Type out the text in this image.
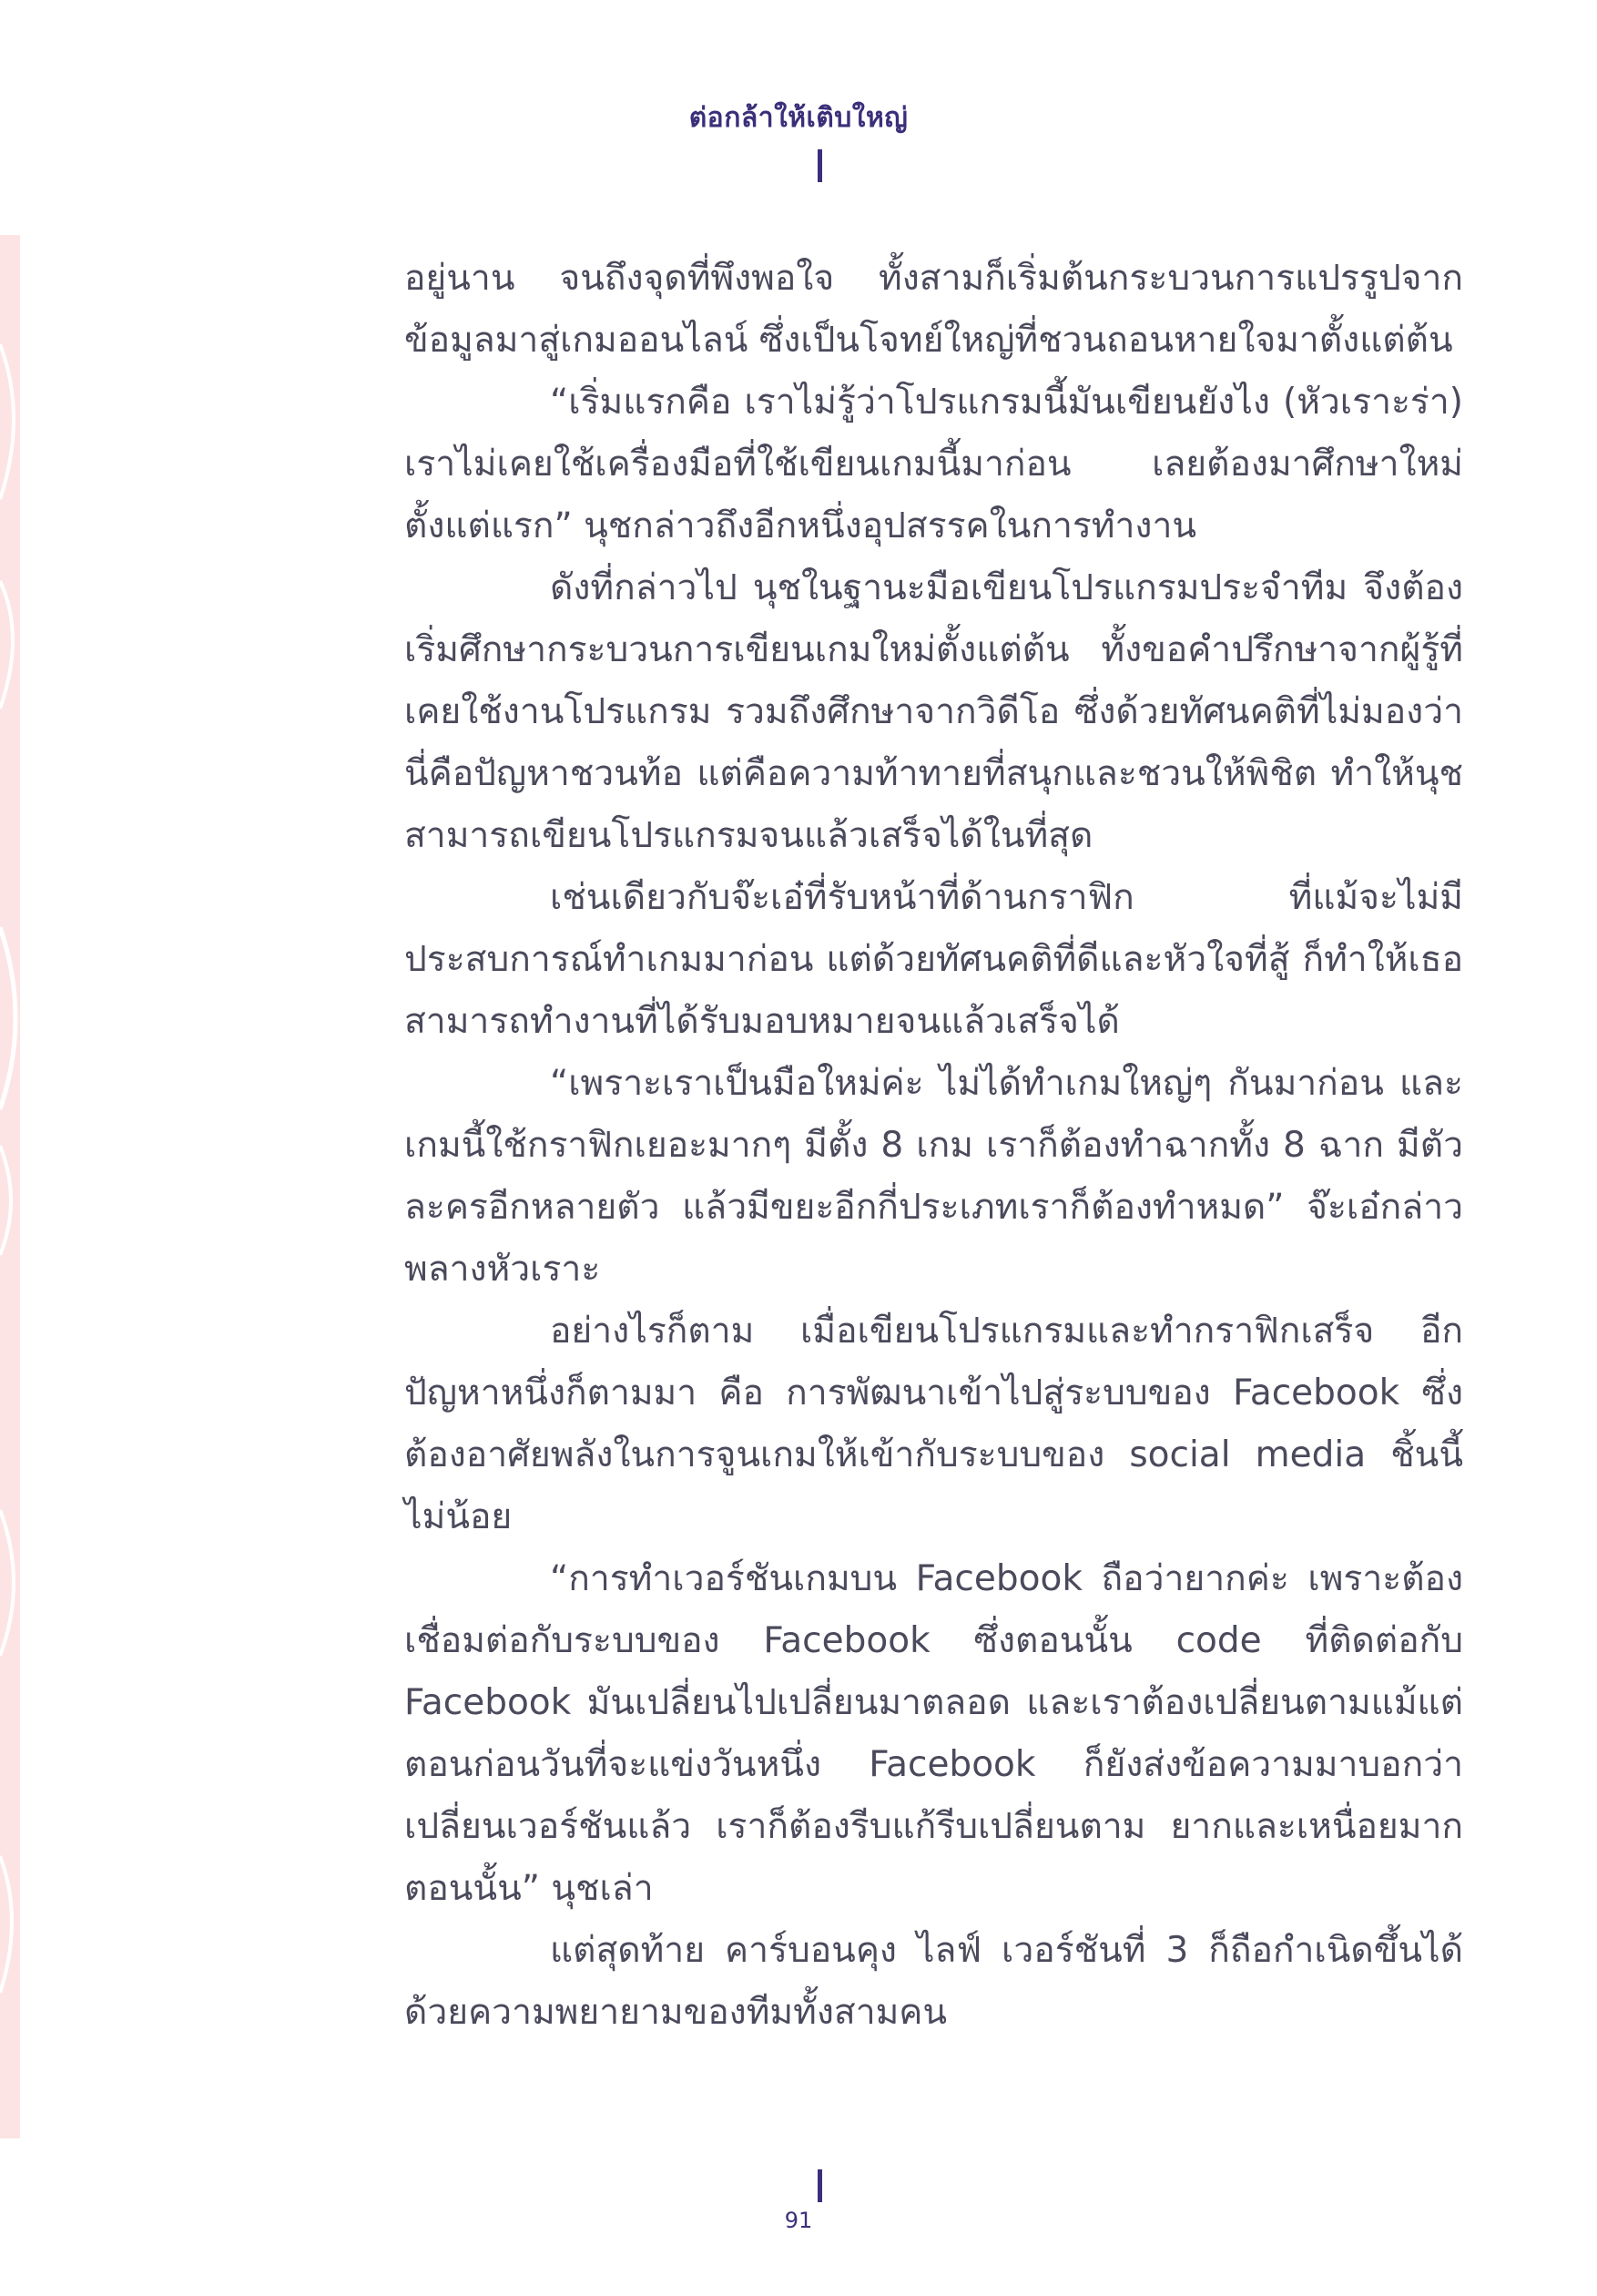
ต่อกล้าให้เติบใหญ่

อยู่นาน จนถึงจุดที่พึงพอใจ ทั้งสามก็เริ่มต้นกระบวนการแปรรูปจากข้อมูลมาสู่เกมออนไลน์ ซึ่งเป็นโจทย์ใหญ่ที่ชวนถอนหายใจมาตั้งแต่ต้น

“เริ่มแรกคือ เราไม่รู้ว่าโปรแกรมนี้มันเขียนยังไง (หัวเราะร่า) เราไม่เคยใช้เครื่องมือที่ใช้เขียนเกมนี้มาก่อน เลยต้องมาศึกษาใหม่ตั้งแต่แรก” นุชกล่าวถึงอีกหนึ่งอุปสรรคในการทำงาน

ดังที่กล่าวไป นุชในฐานะมือเขียนโปรแกรมประจำทีม จึงต้องเริ่มศึกษากระบวนการเขียนเกมใหม่ตั้งแต่ต้น ทั้งขอคำปรึกษาจากผู้รู้ที่เคยใช้งานโปรแกรม รวมถึงศึกษาจากวิดีโอ ซึ่งด้วยทัศนคติที่ไม่มองว่านี่คือปัญหาชวนท้อ แต่คือความท้าทายที่สนุกและชวนให้พิชิต ทำให้นุชสามารถเขียนโปรแกรมจนแล้วเสร็จได้ในที่สุด

เช่นเดียวกับจ๊ะเอ๋ที่รับหน้าที่ด้านกราฟิก ที่แม้จะไม่มีประสบการณ์ทำเกมมาก่อน แต่ด้วยทัศนคติที่ดีและหัวใจที่สู้ ก็ทำให้เธอสามารถทำงานที่ได้รับมอบหมายจนแล้วเสร็จได้

“เพราะเราเป็นมือใหม่ค่ะ ไม่ได้ทำเกมใหญ่ๆ กันมาก่อน และเกมนี้ใช้กราฟิกเยอะมากๆ มีตั้ง 8 เกม เราก็ต้องทำฉากทั้ง 8 ฉาก มีตัวละครอีกหลายตัว แล้วมีขยะอีกกี่ประเภทเราก็ต้องทำหมด” จ๊ะเอ๋กล่าวพลางหัวเราะ

อย่างไรก็ตาม เมื่อเขียนโปรแกรมและทำกราฟิกเสร็จ อีกปัญหาหนึ่งก็ตามมา คือ การพัฒนาเข้าไปสู่ระบบของ Facebook ซึ่งต้องอาศัยพลังในการจูนเกมให้เข้ากับระบบของ social media ชิ้นนี้ไม่น้อย

“การทำเวอร์ชันเกมบน Facebook ถือว่ายากค่ะ เพราะต้องเชื่อมต่อกับระบบของ Facebook ซึ่งตอนนั้น code ที่ติดต่อกับ Facebook มันเปลี่ยนไปเปลี่ยนมาตลอด และเราต้องเปลี่ยนตามแม้แต่ตอนก่อนวันที่จะแข่งวันหนึ่ง Facebook ก็ยังส่งข้อความมาบอกว่าเปลี่ยนเวอร์ชันแล้ว เราก็ต้องรีบแก้รีบเปลี่ยนตาม ยากและเหนื่อยมากตอนนั้น” นุชเล่า

แต่สุดท้าย คาร์บอนคุง ไลฟ์ เวอร์ชันที่ 3 ก็ถือกำเนิดขึ้นได้ด้วยความพยายามของทีมทั้งสามคน

91
